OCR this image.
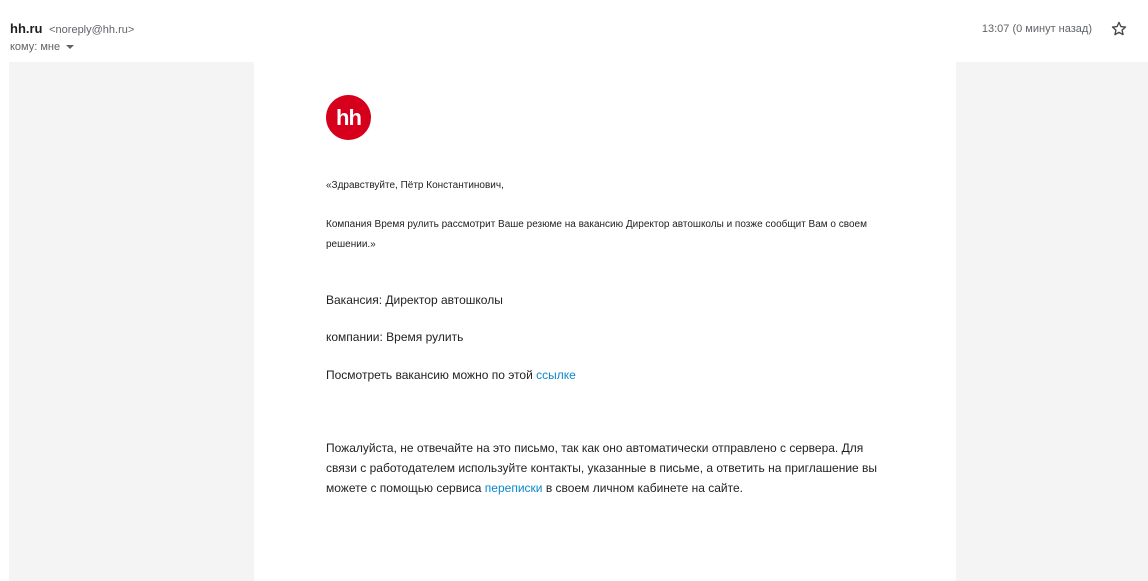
hh.ru <noreply@hh.ru>
кому: мне
13:07 (0 минут назад)
hh
«Здравствуйте, Пётр Константинович,
Компания Время рулить рассмотрит Ваше резюме на вакансию Директор автошколы и позже сообщит Вам о своем решении.»
Вакансия: Директор автошколы
компании: Время рулить
Посмотреть вакансию можно по этой ссылке
Пожалуйста, не отвечайте на это письмо, так как оно автоматически отправлено с сервера. Для связи с работодателем используйте контакты, указанные в письме, а ответить на приглашение вы можете с помощью сервиса переписки в своем личном кабинете на сайте.
